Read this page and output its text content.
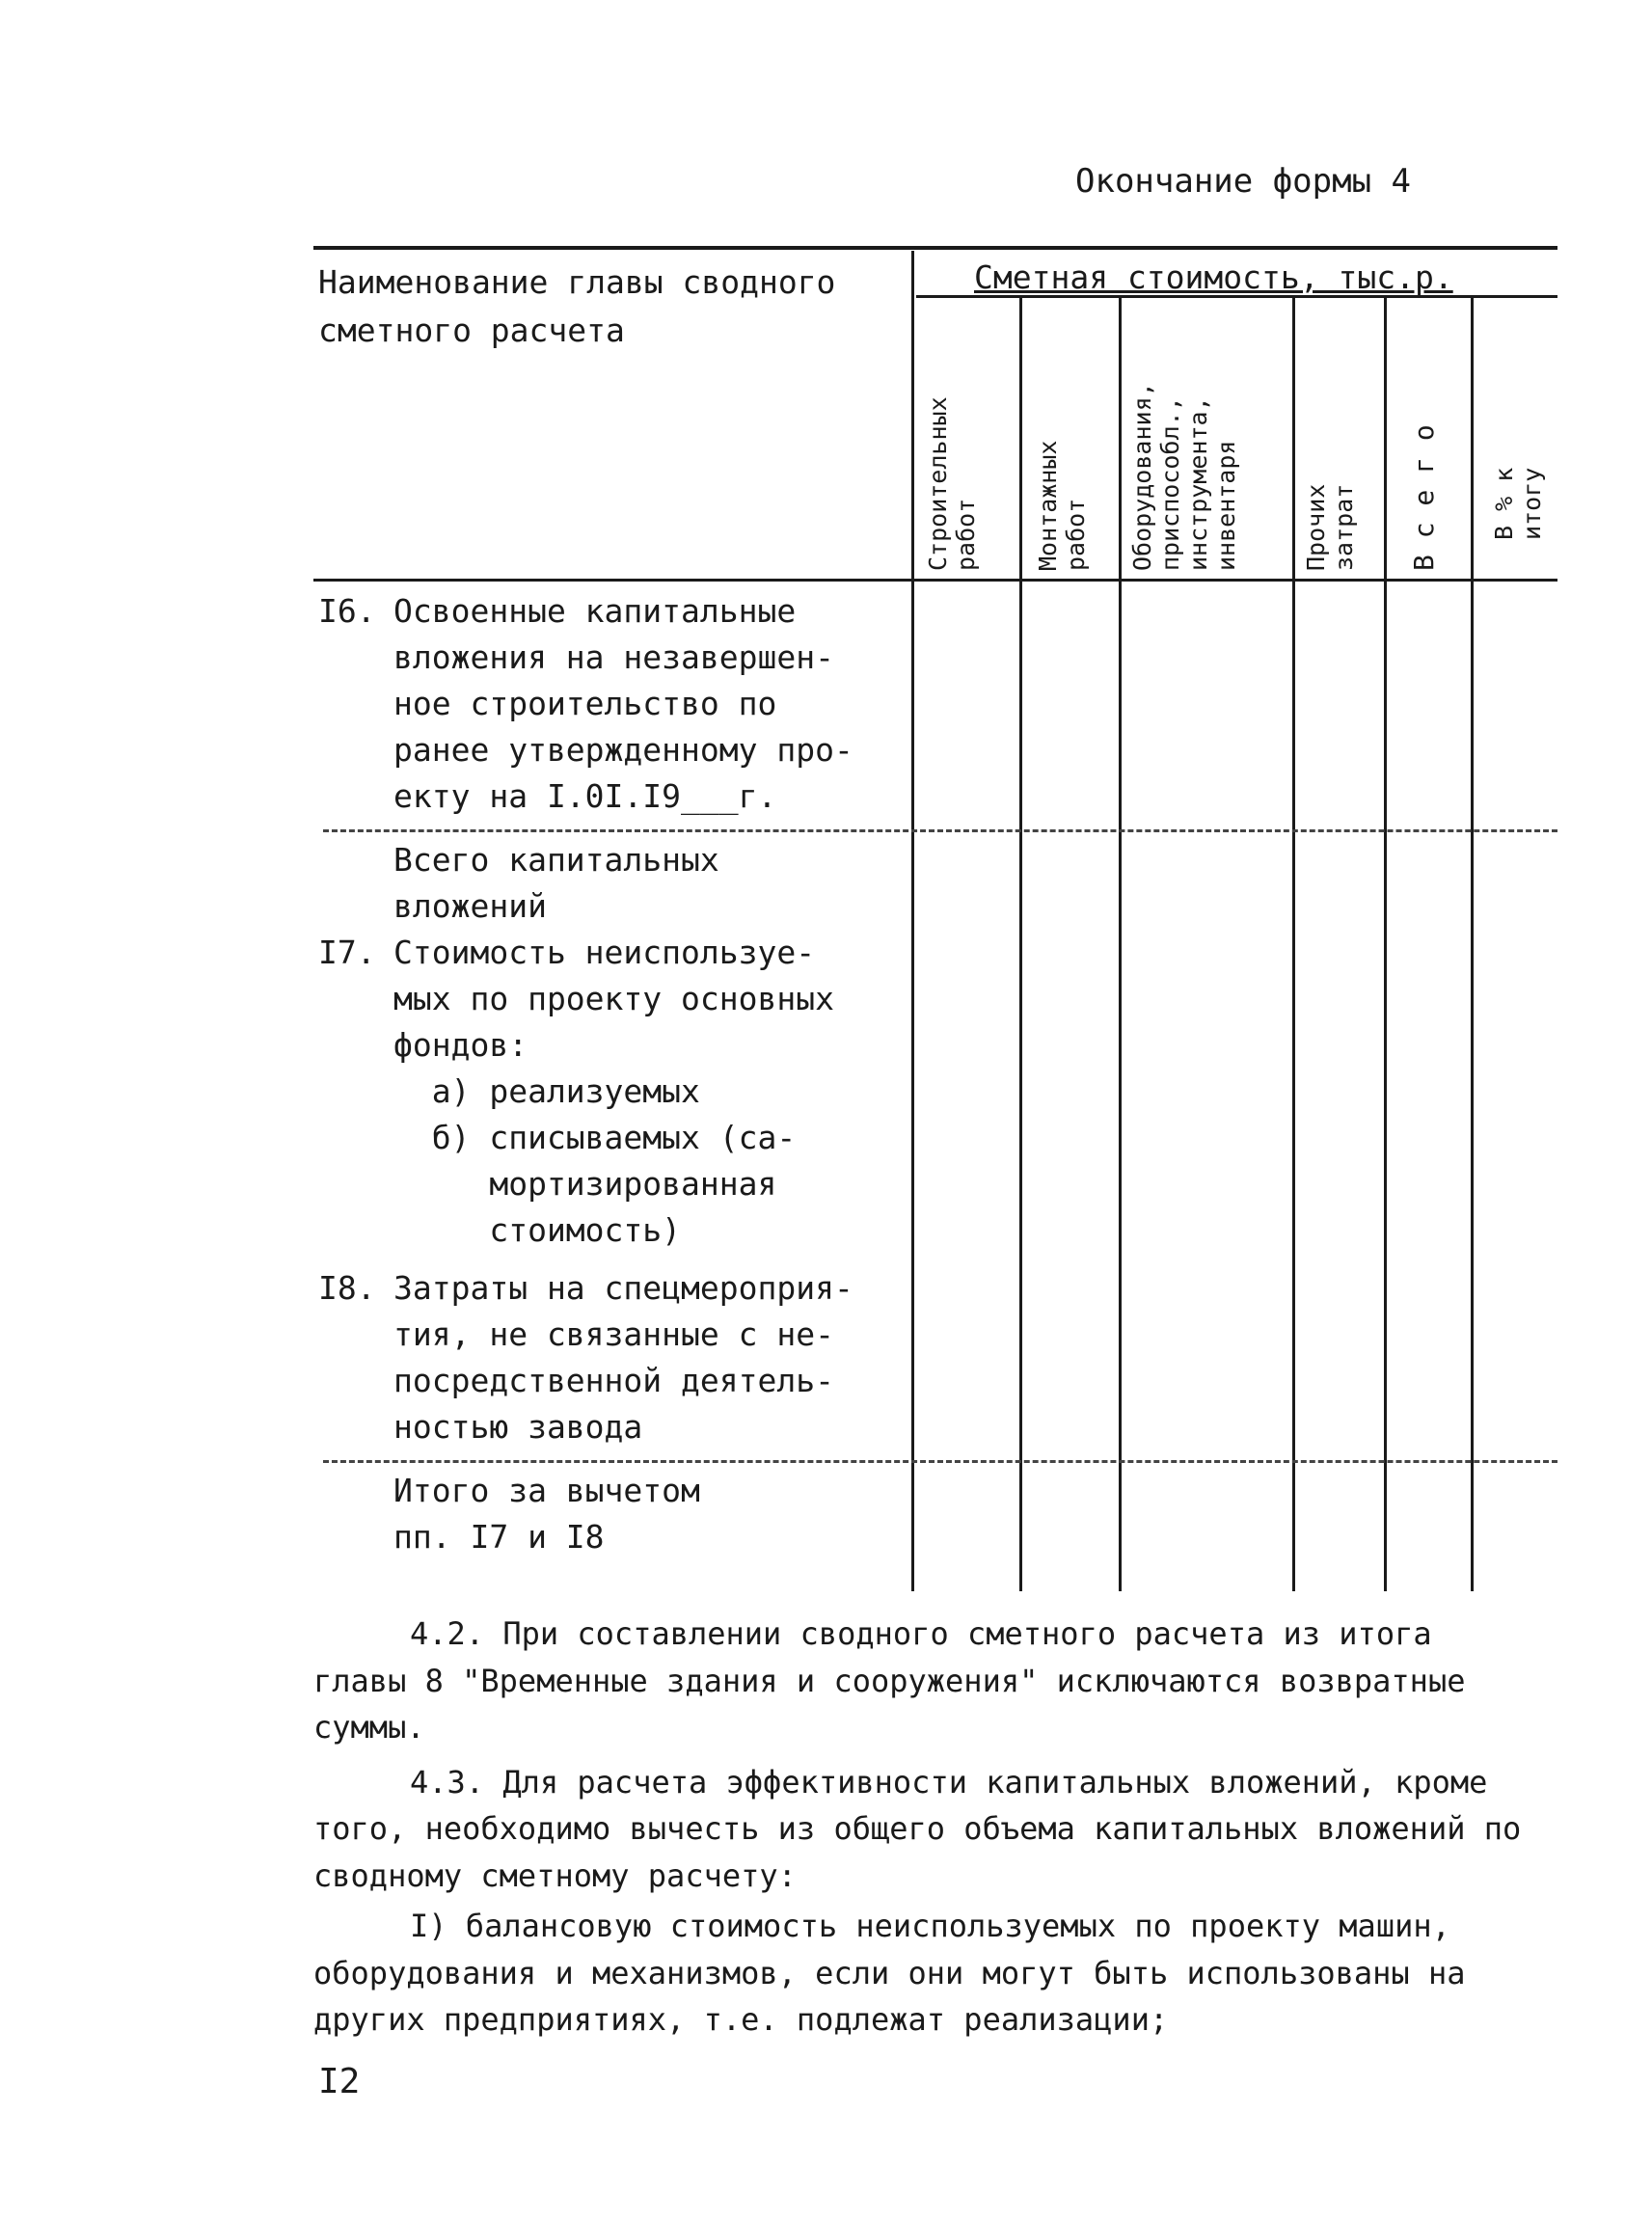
Окончание формы 4
Наименование главы сводного
сметного расчета
Сметная стоимость, тыс.р.
Строительных работ Монтажных работ Оборудования, приспособл., инструмента, инвентаря	Прочих затрат В с е г о В % к итогу
I6. Освоенные капитальные
вложения на незавершен-
ное строительство по
ранее утвержденному про-
екту на I.0I.I9___г.
Всего капитальных
вложений
I7. Стоимость неиспользуе-
мых по проекту основных
фондов:
а) реализуемых
б) списываемых (са-
мортизированная
стоимость)
I8. Затраты на спецмероприя-
тия, не связанные с не-
посредственной деятель-
ностью завода
Итого за вычетом
пп. I7 и I8

4.2. При составлении сводного сметного расчета из итога главы 8 "Временные здания и сооружения" исключаются возвратные суммы.

4.3. Для расчета эффективности капитальных вложений, кроме того, необходимо вычесть из общего объема капитальных вложений по сводному сметному расчету:

I) балансовую стоимость неиспользуемых по проекту машин, оборудования и механизмов, если они могут быть использованы на других предприятиях, т.е. подлежат реализации;

I2
